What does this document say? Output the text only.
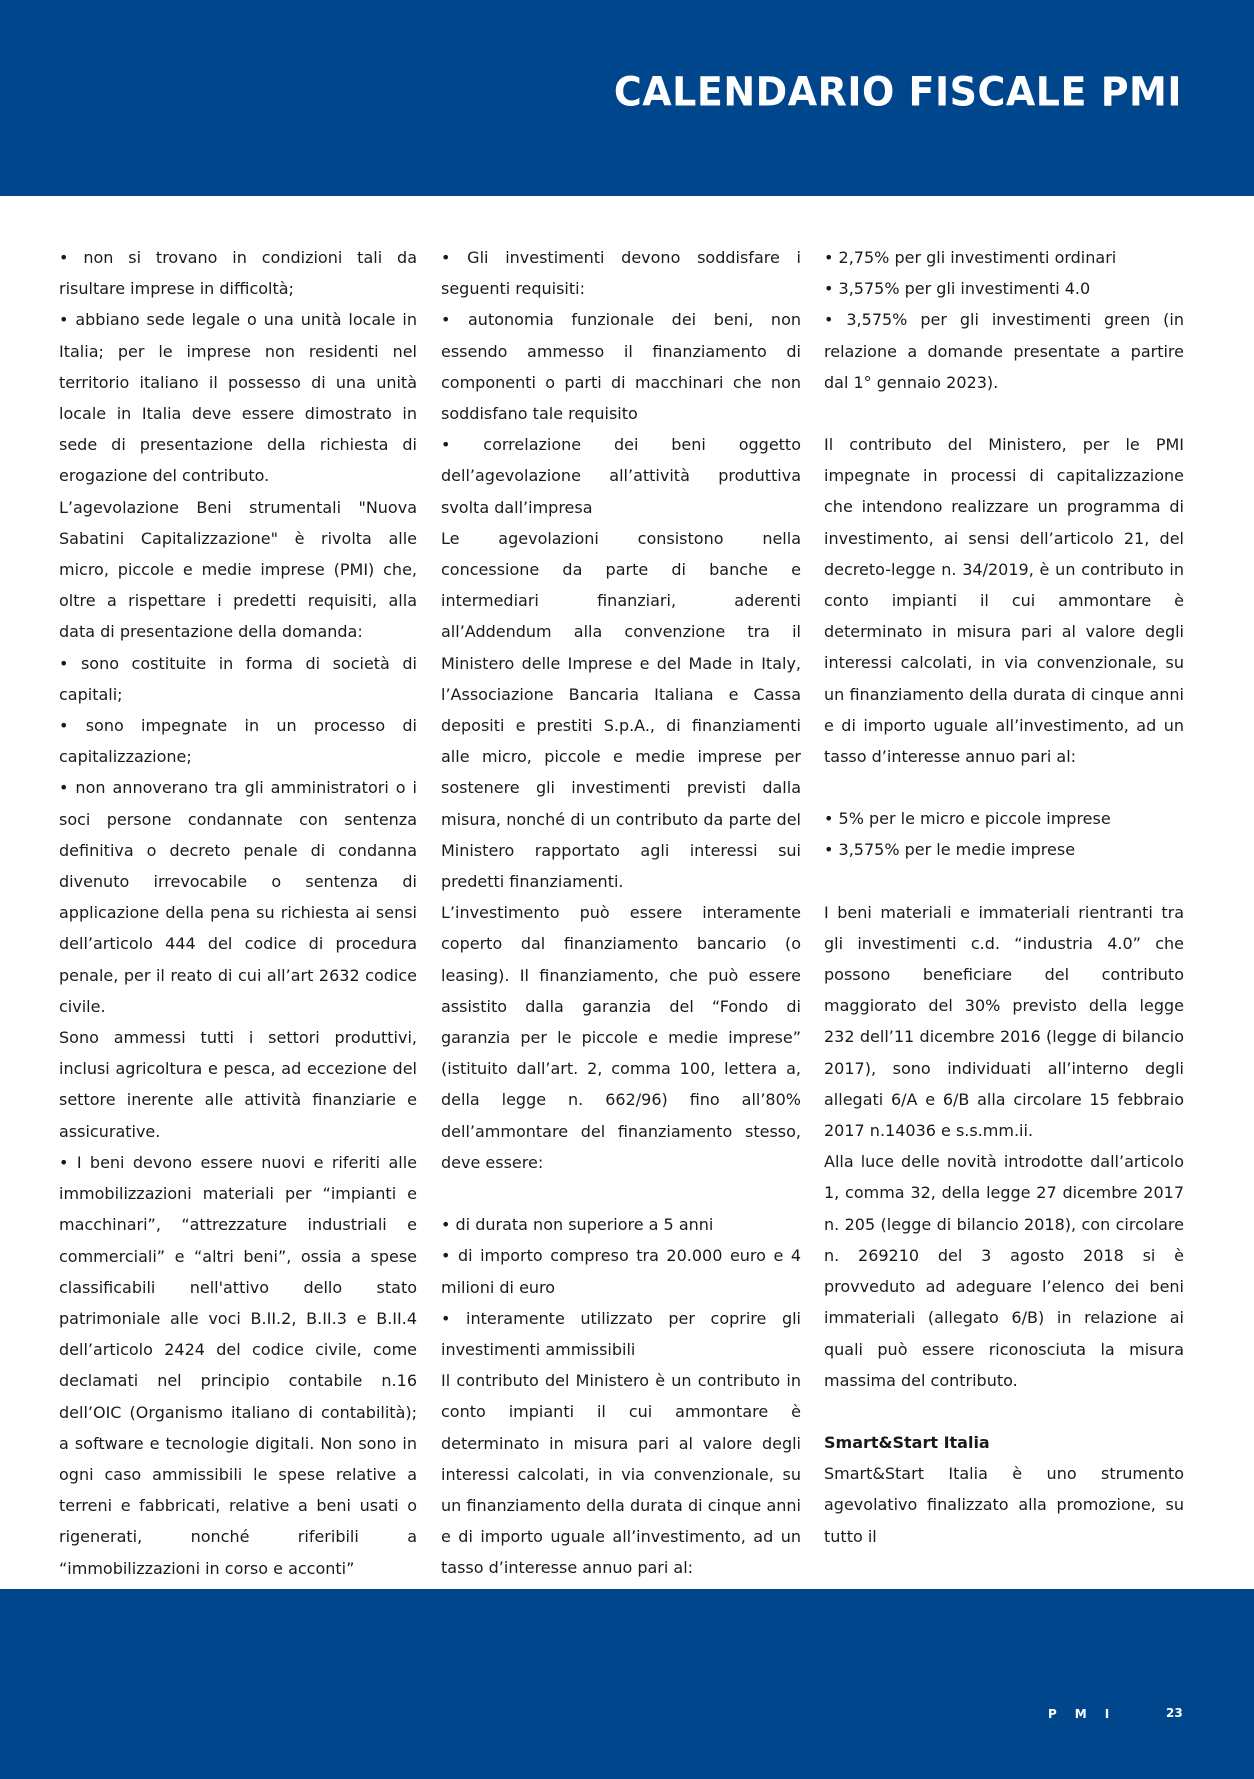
CALENDARIO FISCALE PMI

• non si trovano in condizioni tali da risultare imprese in difficoltà;

• abbiano sede legale o una unità locale in Italia; per le imprese non residenti nel territorio italiano il possesso di una unità locale in Italia deve essere dimostrato in sede di presentazione della richiesta di erogazione del contributo.

L’agevolazione Beni strumentali "Nuova Sabatini Capitalizzazione" è rivolta alle micro, piccole e medie imprese (PMI) che, oltre a rispettare i predetti requisiti, alla data di presentazione della domanda:

• sono costituite in forma di società di capitali;

• sono impegnate in un processo di capitalizzazione;

• non annoverano tra gli amministratori o i soci persone condannate con sentenza definitiva o decreto penale di condanna divenuto irrevocabile o sentenza di applicazione della pena su richiesta ai sensi dell’articolo 444 del codice di procedura penale, per il reato di cui all’art 2632 codice civile.

Sono ammessi tutti i settori produttivi, inclusi agricoltura e pesca, ad eccezione del settore inerente alle attività finanziarie e assicurative.

• I beni devono essere nuovi e riferiti alle immobilizzazioni materiali per “impianti e macchinari”, “attrezzature industriali e commerciali” e “altri beni”, ossia a spese classificabili nell'attivo dello stato patrimoniale alle voci B.II.2, B.II.3 e B.II.4 dell’articolo 2424 del codice civile, come declamati nel principio contabile n.16 dell’OIC (Organismo italiano di contabilità); a software e tecnologie digitali. Non sono in ogni caso ammissibili le spese relative a terreni e fabbricati, relative a beni usati o rigenerati, nonché riferibili a “immobilizzazioni in corso e acconti”

• Gli investimenti devono soddisfare i seguenti requisiti:

• autonomia funzionale dei beni, non essendo ammesso il finanziamento di componenti o parti di macchinari che non soddisfano tale requisito

• correlazione dei beni oggetto dell’agevolazione all’attività produttiva svolta dall’impresa

Le agevolazioni consistono nella concessione da parte di banche e intermediari finanziari, aderenti all’Addendum alla convenzione tra il Ministero delle Imprese e del Made in Italy, l’Associazione Bancaria Italiana e Cassa depositi e prestiti S.p.A., di finanziamenti alle micro, piccole e medie imprese per sostenere gli investimenti previsti dalla misura, nonché di un contributo da parte del Ministero rapportato agli interessi sui predetti finanziamenti.

L’investimento può essere interamente coperto dal finanziamento bancario (o leasing). Il finanziamento, che può essere assistito dalla garanzia del “Fondo di garanzia per le piccole e medie imprese” (istituito dall’art. 2, comma 100, lettera a, della legge n. 662/96) fino all’80% dell’ammontare del finanziamento stesso, deve essere:

• di durata non superiore a 5 anni

• di importo compreso tra 20.000 euro e 4 milioni di euro

• interamente utilizzato per coprire gli investimenti ammissibili

Il contributo del Ministero è un contributo in conto impianti il cui ammontare è determinato in misura pari al valore degli interessi calcolati, in via convenzionale, su un finanziamento della durata di cinque anni e di importo uguale all’investimento, ad un tasso d’interesse annuo pari al:

• 2,75% per gli investimenti ordinari

• 3,575% per gli investimenti 4.0

• 3,575% per gli investimenti green (in relazione a domande presentate a partire dal 1° gennaio 2023).

Il contributo del Ministero, per le PMI impegnate in processi di capitalizzazione che intendono realizzare un programma di investimento, ai sensi dell’articolo 21, del decreto-legge n. 34/2019, è un contributo in conto impianti il cui ammontare è determinato in misura pari al valore degli interessi calcolati, in via convenzionale, su un finanziamento della durata di cinque anni e di importo uguale all’investimento, ad un tasso d’interesse annuo pari al:

• 5% per le micro e piccole imprese

• 3,575% per le medie imprese

I beni materiali e immateriali rientranti tra gli investimenti c.d. “industria 4.0” che possono beneficiare del contributo maggiorato del 30% previsto della legge 232 dell’11 dicembre 2016 (legge di bilancio 2017), sono individuati all’interno degli allegati 6/A e 6/B alla circolare 15 febbraio 2017 n.14036 e s.s.mm.ii.

Alla luce delle novità introdotte dall’articolo 1, comma 32, della legge 27 dicembre 2017 n. 205 (legge di bilancio 2018), con circolare n. 269210 del 3 agosto 2018 si è provveduto ad adeguare l’elenco dei beni immateriali (allegato 6/B) in relazione ai quali può essere riconosciuta la misura massima del contributo.

Smart&Start Italia

Smart&Start Italia è uno strumento agevolativo finalizzato alla promozione, su tutto il

PMI	23
